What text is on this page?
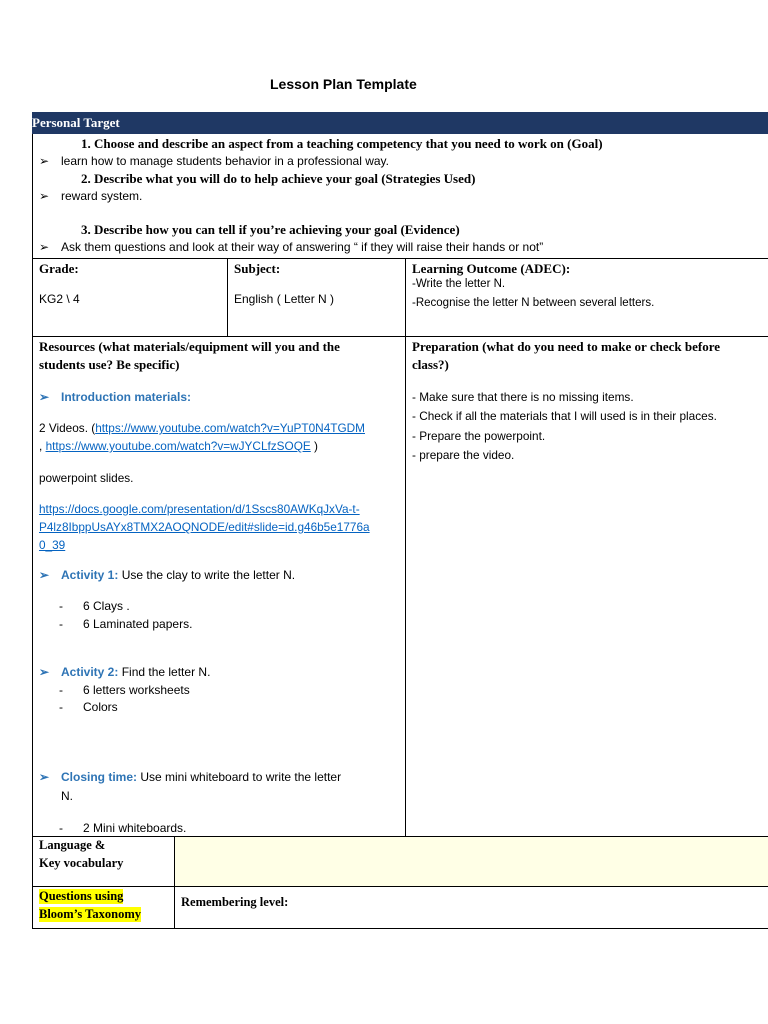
Lesson Plan Template
Personal Target
1. Choose and describe an aspect from a teaching competency that you need to work on (Goal)
➢ learn how to manage students behavior in a professional way.
2. Describe what you will do to help achieve your goal (Strategies Used)
➢ reward system.
3. Describe how you can tell if you’re achieving your goal (Evidence)
➢ Ask them questions and look at their way of answering “ if they will raise their hands or not”
Grade:
KG2 \ 4
Subject:
English ( Letter N )
Learning Outcome (ADEC):
-Write the letter N.
-Recognise the letter N between several letters.
Resources (what materials/equipment will you and the
students use? Be specific)
➢ Introduction materials:
2 Videos. (https://www.youtube.com/watch?v=YuPT0N4TGDM
, https://www.youtube.com/watch?v=wJYCLfzSOQE )
powerpoint slides.
https://docs.google.com/presentation/d/1Sscs80AWKqJxVa-t-
P4lz8IbppUsAYx8TMX2AOQNODE/edit#slide=id.g46b5e1776a
0_39
➢ Activity 1: Use the clay to write the letter N.
- 6 Clays .
- 6 Laminated papers.
➢ Activity 2: Find the letter N.
- 6 letters worksheets
- Colors
➢ Closing time: Use mini whiteboard to write the letter
N.
- 2 Mini whiteboards.
Preparation (what do you need to make or check before
class?)
- Make sure that there is no missing items.
- Check if all the materials that I will used is in their places.
- Prepare the powerpoint.
- prepare the video.
Language &
Key vocabulary
Questions using
Bloom’s Taxonomy
Remembering level:
